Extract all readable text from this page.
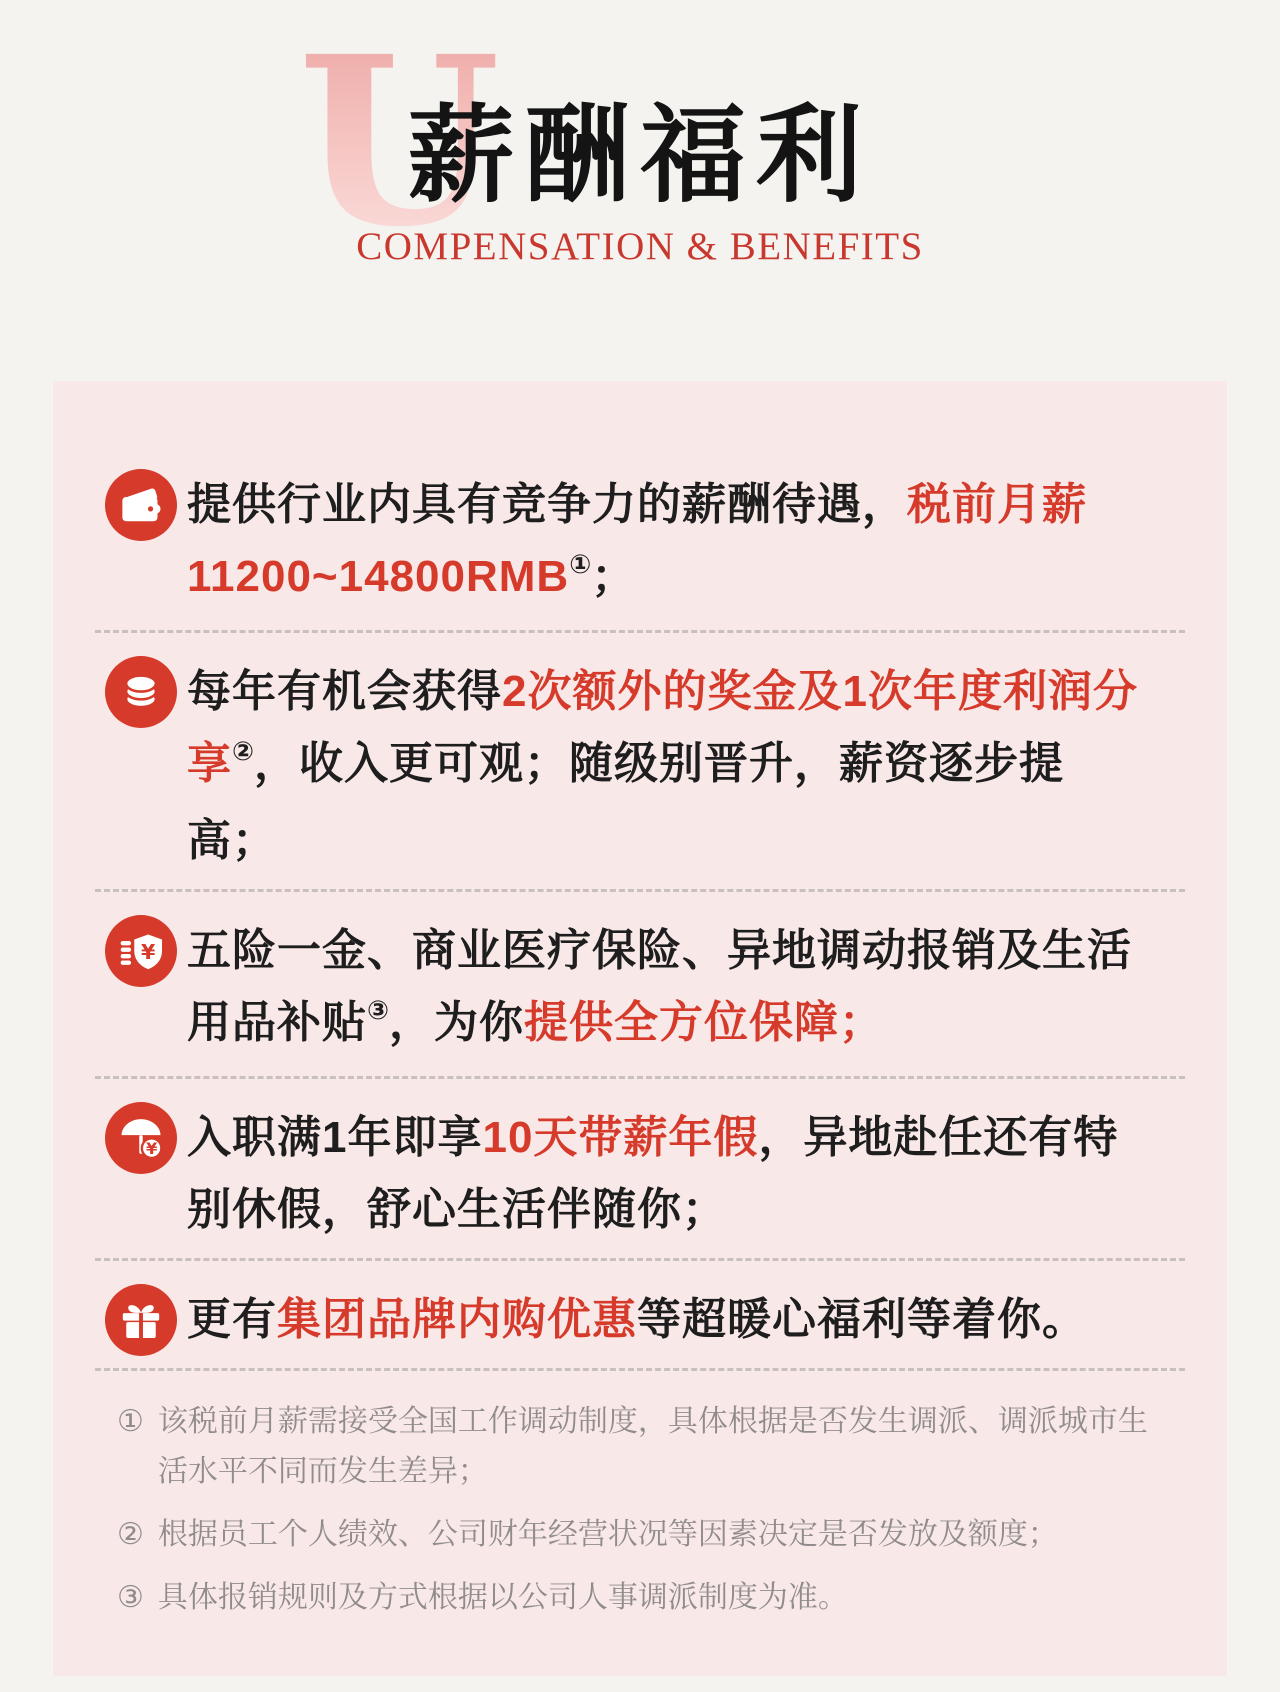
U
薪酬福利
COMPENSATION & BENEFITS
提供行业内具有竞争力的薪酬待遇，税前月薪11200~14800RMB①；
每年有机会获得2次额外的奖金及1次年度利润分享②，收入更可观；随级别晋升，薪资逐步提高；
¥ 五险一金、商业医疗保险、异地调动报销及生活用品补贴③，为你提供全方位保障；
¥ 入职满1年即享10天带薪年假，异地赴任还有特别休假，舒心生活伴随你；
更有集团品牌内购优惠等超暖心福利等着你。
① 该税前月薪需接受全国工作调动制度，具体根据是否发生调派、调派城市生活水平不同而发生差异；
② 根据员工个人绩效、公司财年经营状况等因素决定是否发放及额度；
③ 具体报销规则及方式根据以公司人事调派制度为准。
